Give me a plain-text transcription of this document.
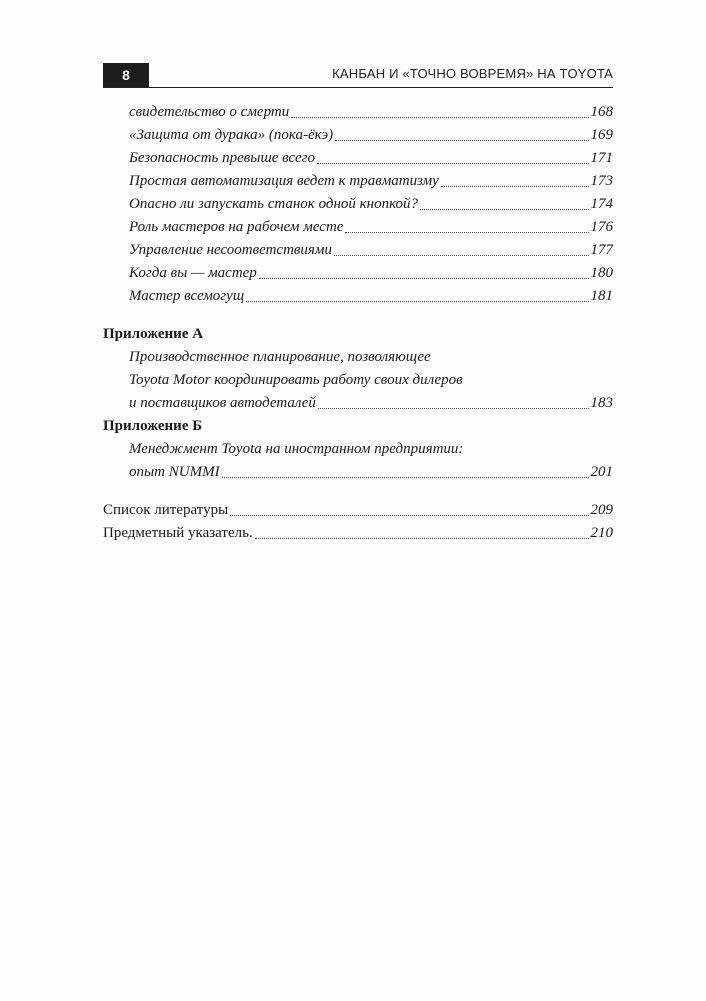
8	КАНБАН И «ТОЧНО ВОВРЕМЯ» НА TOYOTA
свидетельство о смерти	168
«Защита от дурака» (пока-ёкэ)	169
Безопасность превыше всего	171
Простая автоматизация ведет к травматизму	173
Опасно ли запускать станок одной кнопкой?	174
Роль мастеров на рабочем месте	176
Управление несоответствиями	177
Когда вы — мастер	180
Мастер всемогущ	181
Приложение А
Производственное планирование, позволяющее
Toyota Motor координировать работу своих дилеров
и поставщиков автодеталей	183
Приложение Б
Менеджмент Toyota на иностранном предприятии:
опыт NUMMI	201
Список литературы	209
Предметный указатель.	210
